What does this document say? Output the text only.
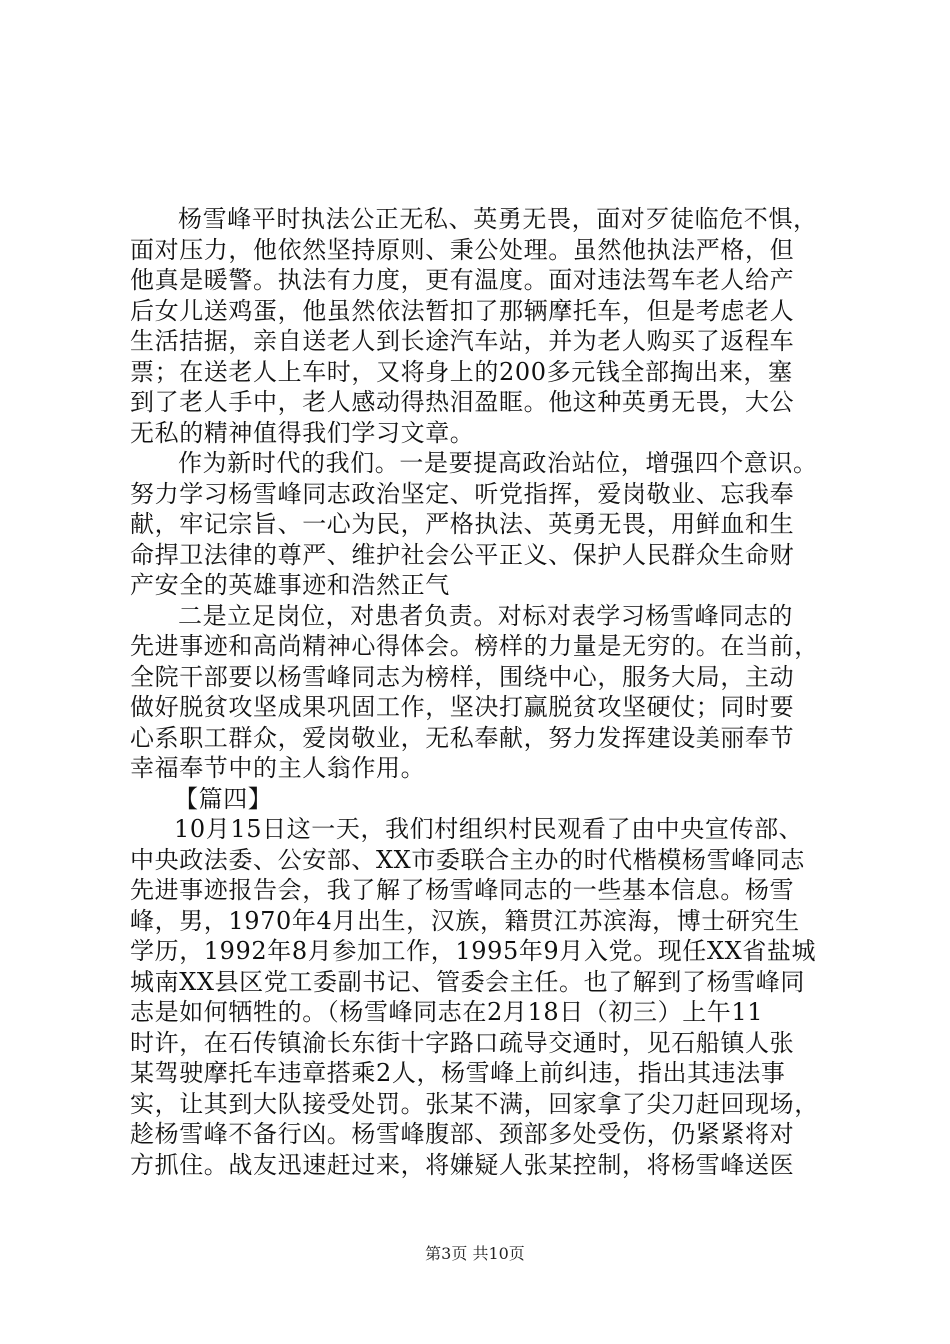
杨雪峰平时执法公正无私、英勇无畏，面对歹徒临危不惧，
面对压力，他依然坚持原则、秉公处理。虽然他执法严格，但
他真是暖警。执法有力度，更有温度。面对违法驾车老人给产
后女儿送鸡蛋，他虽然依法暂扣了那辆摩托车，但是考虑老人
生活拮据，亲自送老人到长途汽车站，并为老人购买了返程车
票；在送老人上车时，又将身上的200多元钱全部掏出来，塞
到了老人手中，老人感动得热泪盈眶。他这种英勇无畏，大公
无私的精神值得我们学习文章。
作为新时代的我们。一是要提高政治站位，增强四个意识。
努力学习杨雪峰同志政治坚定、听党指挥，爱岗敬业、忘我奉
献，牢记宗旨、一心为民，严格执法、英勇无畏，用鲜血和生
命捍卫法律的尊严、维护社会公平正义、保护人民群众生命财
产安全的英雄事迹和浩然正气
二是立足岗位，对患者负责。对标对表学习杨雪峰同志的
先进事迹和高尚精神心得体会。榜样的力量是无穷的。在当前，
全院干部要以杨雪峰同志为榜样，围绕中心，服务大局，主动
做好脱贫攻坚成果巩固工作，坚决打赢脱贫攻坚硬仗；同时要
心系职工群众，爱岗敬业，无私奉献，努力发挥建设美丽奉节
幸福奉节中的主人翁作用。
【篇四】
10月15日这一天，我们村组织村民观看了由中央宣传部、
中央政法委、公安部、XX市委联合主办的时代楷模杨雪峰同志
先进事迹报告会，我了解了杨雪峰同志的一些基本信息。杨雪
峰，男，1970年4月出生，汉族，籍贯江苏滨海，博士研究生
学历，1992年8月参加工作，1995年9月入党。现任XX省盐城
城南XX县区党工委副书记、管委会主任。也了解到了杨雪峰同
志是如何牺牲的。（杨雪峰同志在2月18日（初三）上午11
时许，在石传镇渝长东街十字路口疏导交通时，见石船镇人张
某驾驶摩托车违章搭乘2人，杨雪峰上前纠违，指出其违法事
实，让其到大队接受处罚。张某不满，回家拿了尖刀赶回现场，
趁杨雪峰不备行凶。杨雪峰腹部、颈部多处受伤，仍紧紧将对
方抓住。战友迅速赶过来，将嫌疑人张某控制，将杨雪峰送医
第3页 共10页
